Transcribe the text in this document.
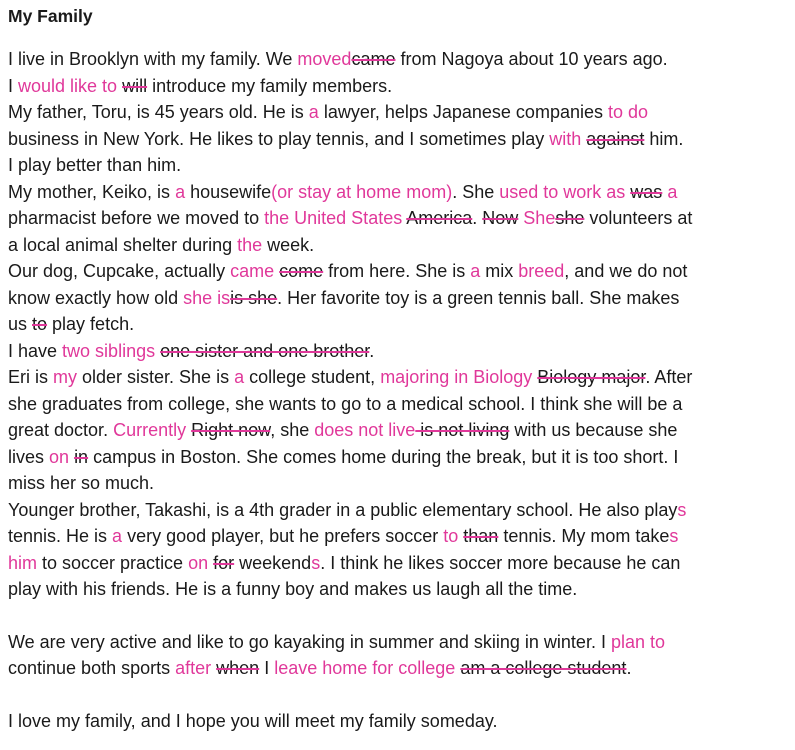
My Family

I live in Brooklyn with my family. We movedcame from Nagoya about 10 years ago.
I would like to will introduce my family members.
My father, Toru, is 45 years old. He is a lawyer, helps Japanese companies to do
business in New York. He likes to play tennis, and I sometimes play with against him.
I play better than him.
My mother, Keiko, is a housewife(or stay at home mom). She used to work as was a
pharmacist before we moved to the United States America. Now Sheshe volunteers at
a local animal shelter during the week.
Our dog, Cupcake, actually came come from here. She is a mix breed, and we do not
know exactly how old she isis she. Her favorite toy is a green tennis ball. She makes
us to play fetch.
I have two siblings one sister and one brother.
Eri is my older sister. She is a college student, majoring in Biology Biology major. After
she graduates from college, she wants to go to a medical school. I think she will be a
great doctor. Currently Right now, she does not live is not living with us because she
lives on in campus in Boston. She comes home during the break, but it is too short. I
miss her so much.
Younger brother, Takashi, is a 4th grader in a public elementary school. He also plays
tennis. He is a very good player, but he prefers soccer to than tennis. My mom takes
him to soccer practice on for weekends. I think he likes soccer more because he can
play with his friends. He is a funny boy and makes us laugh all the time.

We are very active and like to go kayaking in summer and skiing in winter. I plan to
continue both sports after when I leave home for college am a college student.

I love my family, and I hope you will meet my family someday.
